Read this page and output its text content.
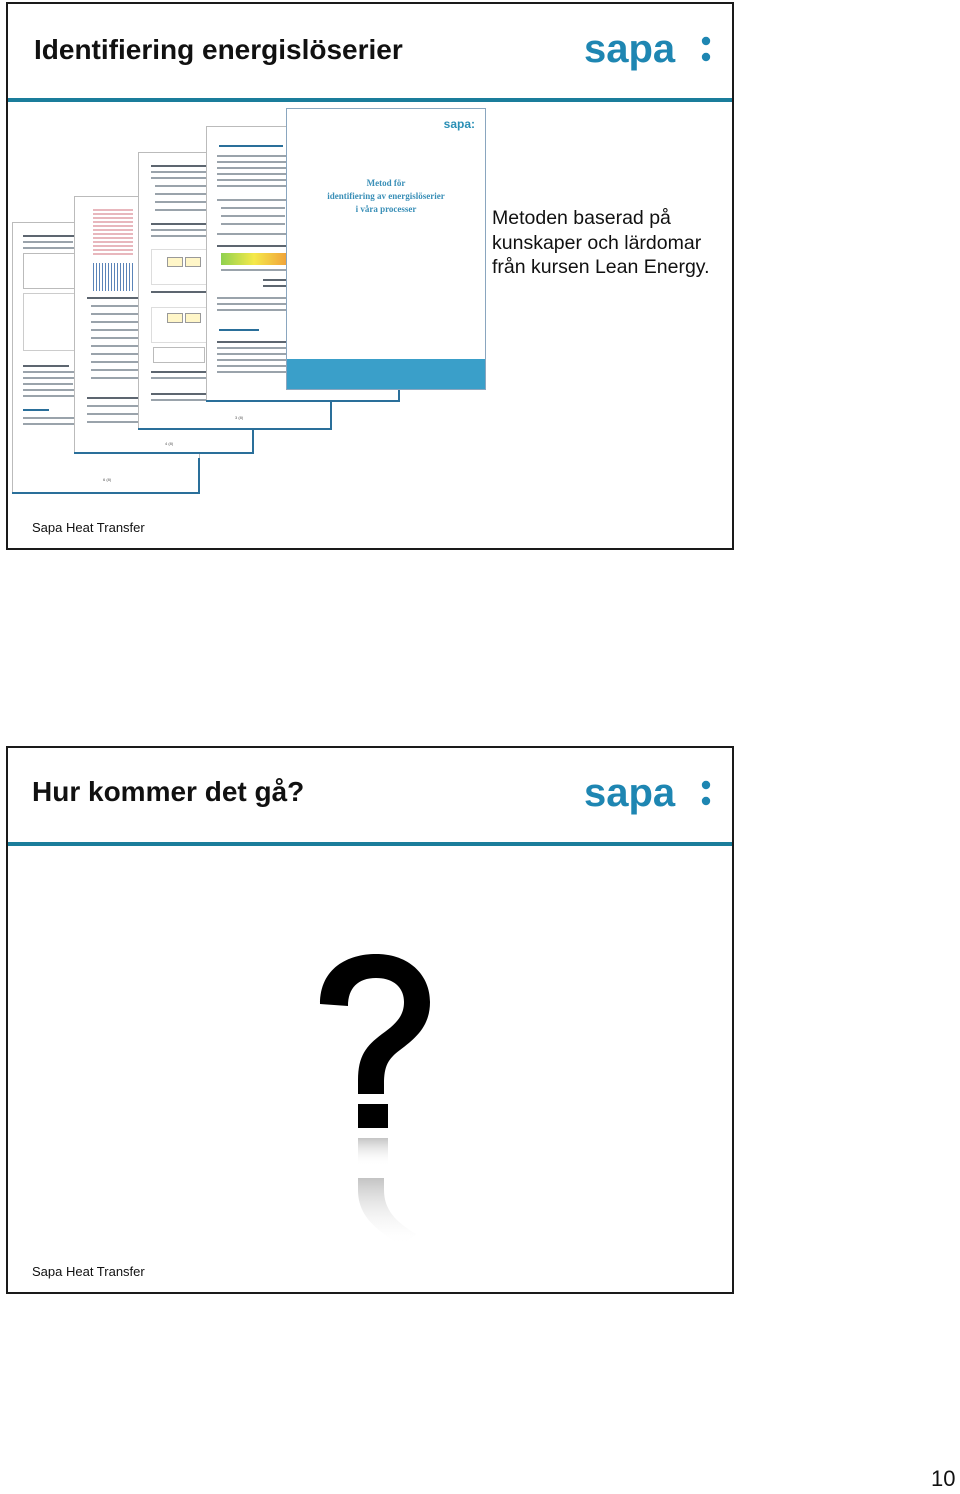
Identifiering energislöserier	sapa
6 (8)
4 (8)
3 (8)
sapa:
Metod för
identifiering av energislöserier
i våra processer	Metoden baserad på kunskaper och lärdomar från kursen Lean Energy.
Sapa Heat Transfer
Hur kommer det gå?	sapa
Sapa Heat Transfer
10
